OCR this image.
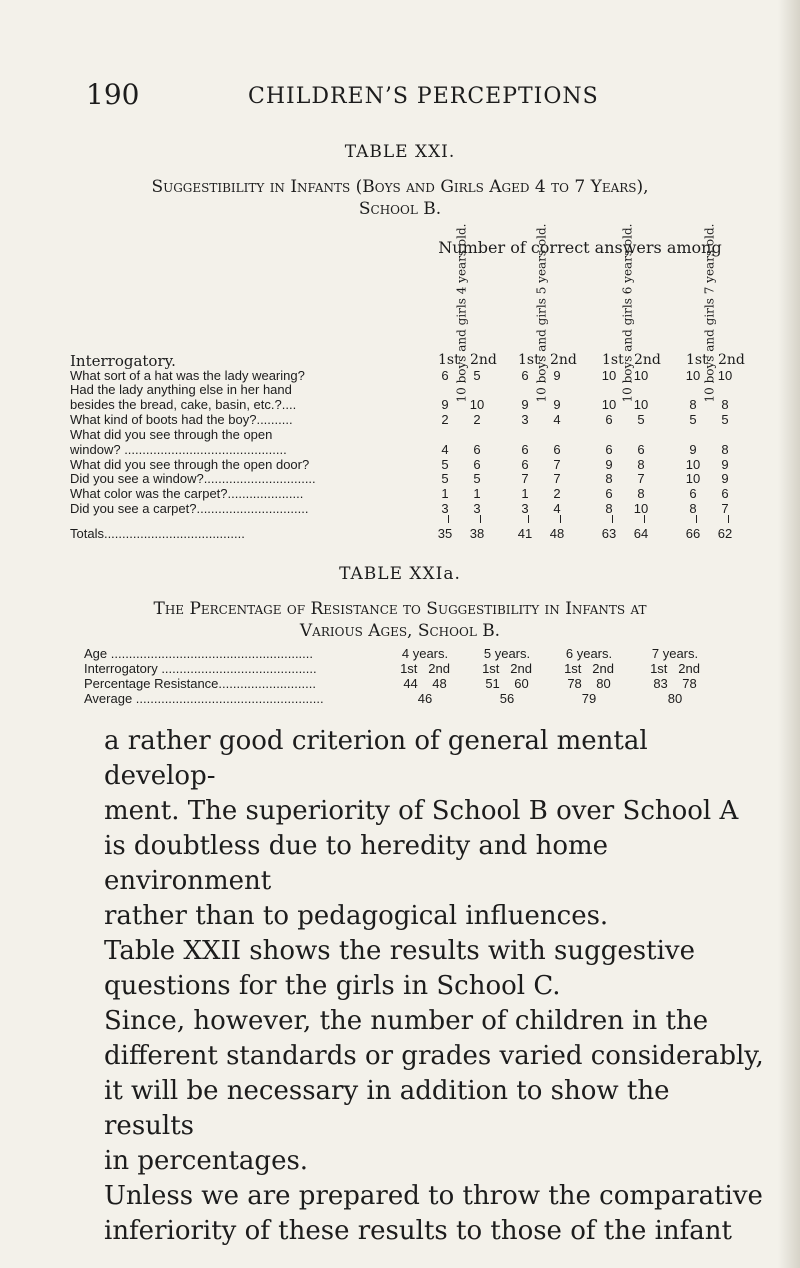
190	CHILDREN’S PERCEPTIONS
TABLE XXI.
Suggestibility in Infants (Boys and Girls Aged 4 to 7 Years),
School B.
Number of correct answers among
10 boys and girls 4 years old.	10 boys and girls 5 years old.	10 boys and girls 6 years old.	10 boys and girls 7 years old.
Interrogatory.	1st 2nd 1st 2nd 1st 2nd 1st 2nd
What sort of a hat was the lady wearing?	6	5	6	9	10 10	10 10
Had the lady anything else in her hand
besides the bread, cake, basin, etc.?....	9	10	9	9	10 10	8	8
What kind of boots had the boy?..........	2	2	3	4	6	5	5	5
What did you see through the open
window? .............................................	4	6	6	6	6	6	9	8
What did you see through the open door?	5	6	6	7	9	8	10	9
Did you see a window?...............................	5	5	7	7	8	7	10	9
What color was the carpet?.....................	1	1	1	2	6	8	6	6
Did you see a carpet?...............................	3	3	3	4	8	10	8	7
Totals.......................................	35 38	41 48	63 64	66 62
TABLE XXIa.
The Percentage of Resistance to Suggestibility in Infants at
Various Ages, School B.
Age ........................................................	4 years.	5 years.	6 years.	7 years.
Interrogatory ...........................................	1st   2nd 1st   2nd 1st   2nd	1st   2nd
Percentage Resistance...........................	44    48	51    60	78    80	83    78
Average ....................................................	46	56	79	80

a rather good criterion of general mental develop-

ment. The superiority of School B over School A

is doubtless due to heredity and home environment

rather than to pedagogical influences.

Table XXII shows the results with suggestive

questions for the girls in School C.

Since, however, the number of children in the

different standards or grades varied considerably,

it will be necessary in addition to show the results

in percentages.

Unless we are prepared to throw the comparative

inferiority of these results to those of the infant
